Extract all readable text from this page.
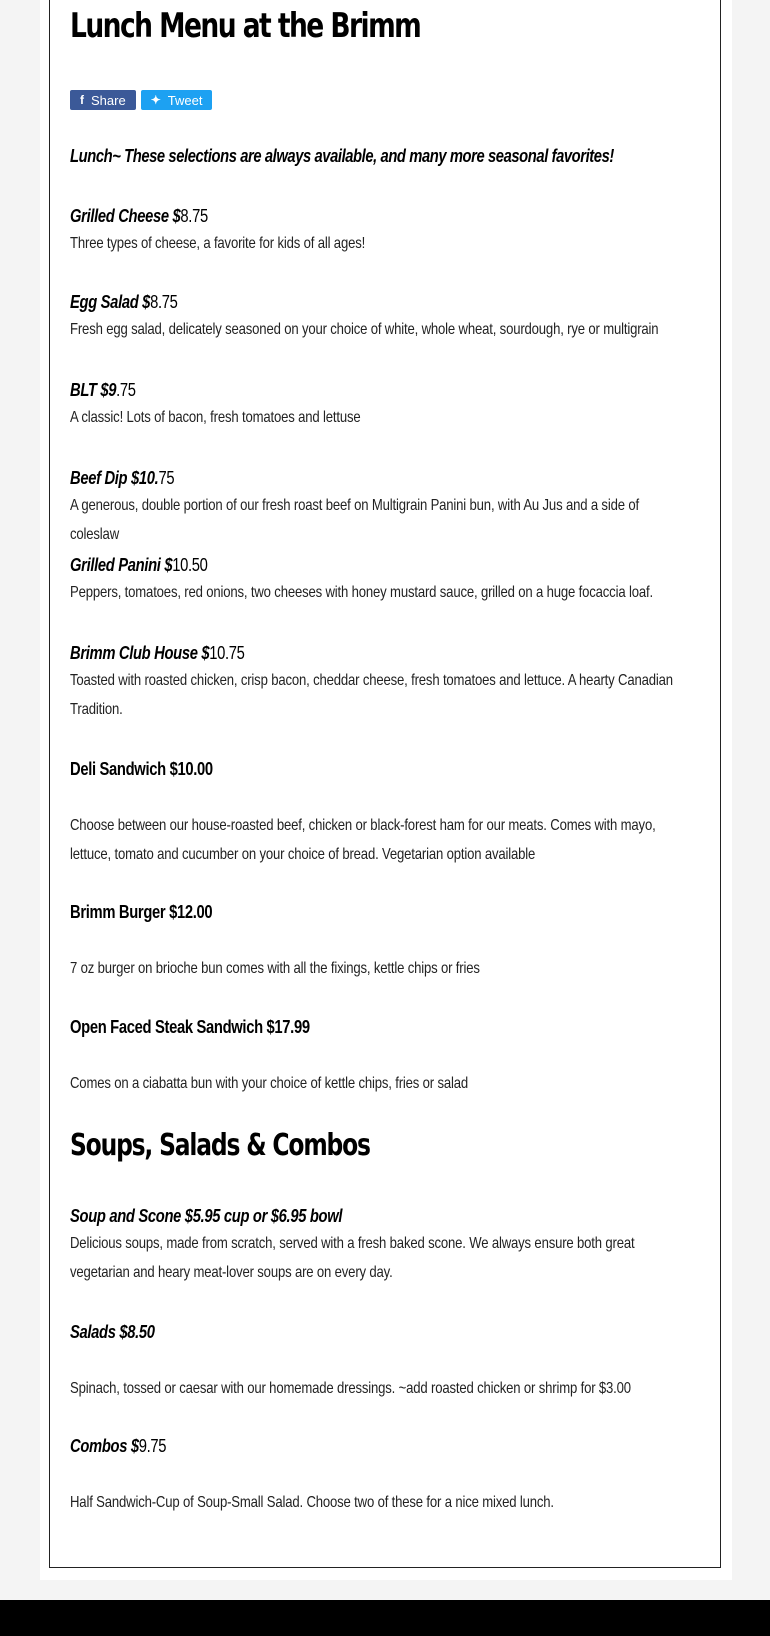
Lunch Menu at the Brimm
f Share ✦ Tweet

Lunch~ These selections are always available, and many more seasonal favorites!

Grilled Cheese $8.75
Three types of cheese, a favorite for kids of all ages!
Egg Salad $8.75
Fresh egg salad, delicately seasoned on your choice of white, whole wheat, sourdough, rye or multigrain
BLT $9.75
A classic! Lots of bacon, fresh tomatoes and lettuse
Beef Dip $10.75
A generous, double portion of our fresh roast beef on Multigrain Panini bun, with Au Jus and a side of coleslaw
Grilled Panini $10.50
Peppers, tomatoes, red onions, two cheeses with honey mustard sauce, grilled on a huge focaccia loaf.
Brimm Club House $10.75
Toasted with roasted chicken, crisp bacon, cheddar cheese, fresh tomatoes and lettuce. A hearty Canadian Tradition.
Deli Sandwich $10.00
Choose between our house-roasted beef, chicken or black-forest ham for our meats. Comes with mayo, lettuce, tomato and cucumber on your choice of bread. Vegetarian option available
Brimm Burger $12.00
7 oz burger on brioche bun comes with all the fixings, kettle chips or fries
Open Faced Steak Sandwich $17.99
Comes on a ciabatta bun with your choice of kettle chips, fries or salad
Soups, Salads & Combos
Soup and Scone $5.95 cup or $6.95 bowl
Delicious soups, made from scratch, served with a fresh baked scone. We always ensure both great vegetarian and heary meat-lover soups are on every day.
Salads $8.50
Spinach, tossed or caesar with our homemade dressings. ~add roasted chicken or shrimp for $3.00
Combos $9.75
Half Sandwich-Cup of Soup-Small Salad. Choose two of these for a nice mixed lunch.
